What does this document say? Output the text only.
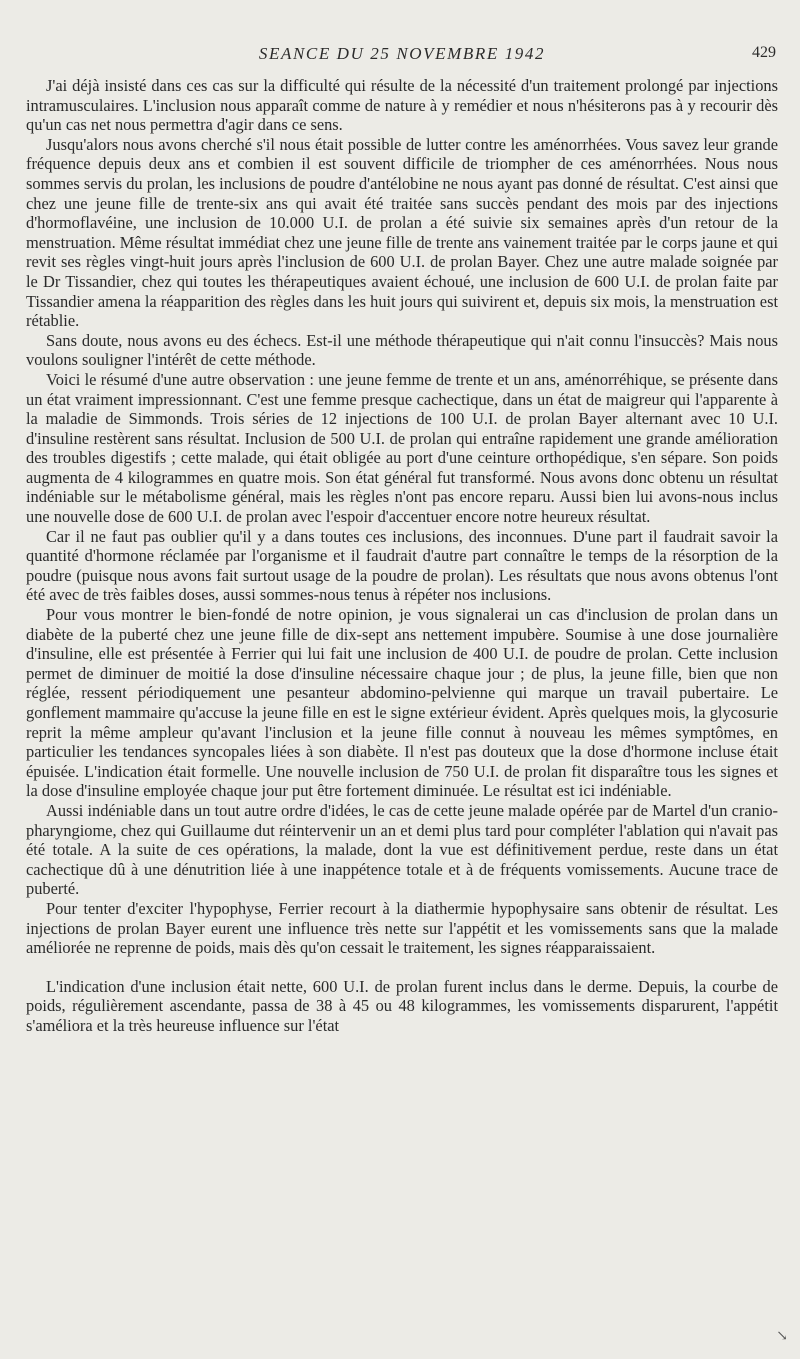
SEANCE DU 25 NOVEMBRE 1942	429

J'ai déjà insisté dans ces cas sur la difficulté qui résulte de la nécessité d'un traitement prolongé par injections intramusculaires. L'inclusion nous apparaît comme de nature à y remédier et nous n'hésiterons pas à y recourir dès qu'un cas net nous permettra d'agir dans ce sens.

Jusqu'alors nous avons cherché s'il nous était possible de lutter contre les aménorrhées. Vous savez leur grande fréquence depuis deux ans et combien il est souvent difficile de triompher de ces aménorrhées. Nous nous sommes servis du prolan, les inclusions de poudre d'antélobine ne nous ayant pas donné de résultat. C'est ainsi que chez une jeune fille de trente-six ans qui avait été traitée sans succès pendant des mois par des injections d'hormoflavéine, une inclusion de 10.000 U.I. de prolan a été suivie six semaines après d'un retour de la menstruation. Même résultat immédiat chez une jeune fille de trente ans vainement traitée par le corps jaune et qui revit ses règles vingt-huit jours après l'inclusion de 600 U.I. de prolan Bayer. Chez une autre malade soignée par le Dr Tissandier, chez qui toutes les thérapeutiques avaient échoué, une inclusion de 600 U.I. de prolan faite par Tissandier amena la réapparition des règles dans les huit jours qui suivirent et, depuis six mois, la menstruation est rétablie.

Sans doute, nous avons eu des échecs. Est-il une méthode thérapeutique qui n'ait connu l'insuccès? Mais nous voulons souligner l'intérêt de cette méthode.

Voici le résumé d'une autre observation : une jeune femme de trente et un ans, aménorréhique, se présente dans un état vraiment impressionnant. C'est une femme presque cachectique, dans un état de maigreur qui l'apparente à la maladie de Simmonds. Trois séries de 12 injections de 100 U.I. de prolan Bayer alternant avec 10 U.I. d'insuline restèrent sans résultat. Inclusion de 500 U.I. de prolan qui entraîne rapidement une grande amélioration des troubles digestifs ; cette malade, qui était obligée au port d'une ceinture orthopédique, s'en sépare. Son poids augmenta de 4 kilogrammes en quatre mois. Son état général fut transformé. Nous avons donc obtenu un résultat indéniable sur le métabolisme général, mais les règles n'ont pas encore reparu. Aussi bien lui avons-nous inclus une nouvelle dose de 600 U.I. de prolan avec l'espoir d'accentuer encore notre heureux résultat.

Car il ne faut pas oublier qu'il y a dans toutes ces inclusions, des inconnues. D'une part il faudrait savoir la quantité d'hormone réclamée par l'organisme et il faudrait d'autre part connaître le temps de la résorption de la poudre (puisque nous avons fait surtout usage de la poudre de prolan). Les résultats que nous avons obtenus l'ont été avec de très faibles doses, aussi sommes-nous tenus à répéter nos inclusions.

Pour vous montrer le bien-fondé de notre opinion, je vous signalerai un cas d'inclusion de prolan dans un diabète de la puberté chez une jeune fille de dix-sept ans nettement impubère. Soumise à une dose journalière d'insuline, elle est présentée à Ferrier qui lui fait une inclusion de 400 U.I. de poudre de prolan. Cette inclusion permet de diminuer de moitié la dose d'insuline nécessaire chaque jour ; de plus, la jeune fille, bien que non réglée, ressent périodiquement une pesanteur abdomino-pelvienne qui marque un travail pubertaire. Le gonflement mammaire qu'accuse la jeune fille en est le signe extérieur évident. Après quelques mois, la glycosurie reprit la même ampleur qu'avant l'inclusion et la jeune fille connut à nouveau les mêmes symptômes, en particulier les tendances syncopales liées à son diabète. Il n'est pas douteux que la dose d'hormone incluse était épuisée. L'indication était formelle. Une nouvelle inclusion de 750 U.I. de prolan fit disparaître tous les signes et la dose d'insuline employée chaque jour put être fortement diminuée. Le résultat est ici indéniable.

Aussi indéniable dans un tout autre ordre d'idées, le cas de cette jeune malade opérée par de Martel d'un cranio-pharyngiome, chez qui Guillaume dut réintervenir un an et demi plus tard pour compléter l'ablation qui n'avait pas été totale. A la suite de ces opérations, la malade, dont la vue est définitivement perdue, reste dans un état cachectique dû à une dénutrition liée à une inappétence totale et à de fréquents vomissements. Aucune trace de puberté.

Pour tenter d'exciter l'hypophyse, Ferrier recourt à la diathermie hypophysaire sans obtenir de résultat. Les injections de prolan Bayer eurent une influence très nette sur l'appétit et les vomissements sans que la malade améliorée ne reprenne de poids, mais dès qu'on cessait le traitement, les signes réapparaissaient.

L'indication d'une inclusion était nette, 600 U.I. de prolan furent inclus dans le derme. Depuis, la courbe de poids, régulièrement ascendante, passa de 38 à 45 ou 48 kilogrammes, les vomissements disparurent, l'appétit s'améliora et la très heureuse influence sur l'état

↘
